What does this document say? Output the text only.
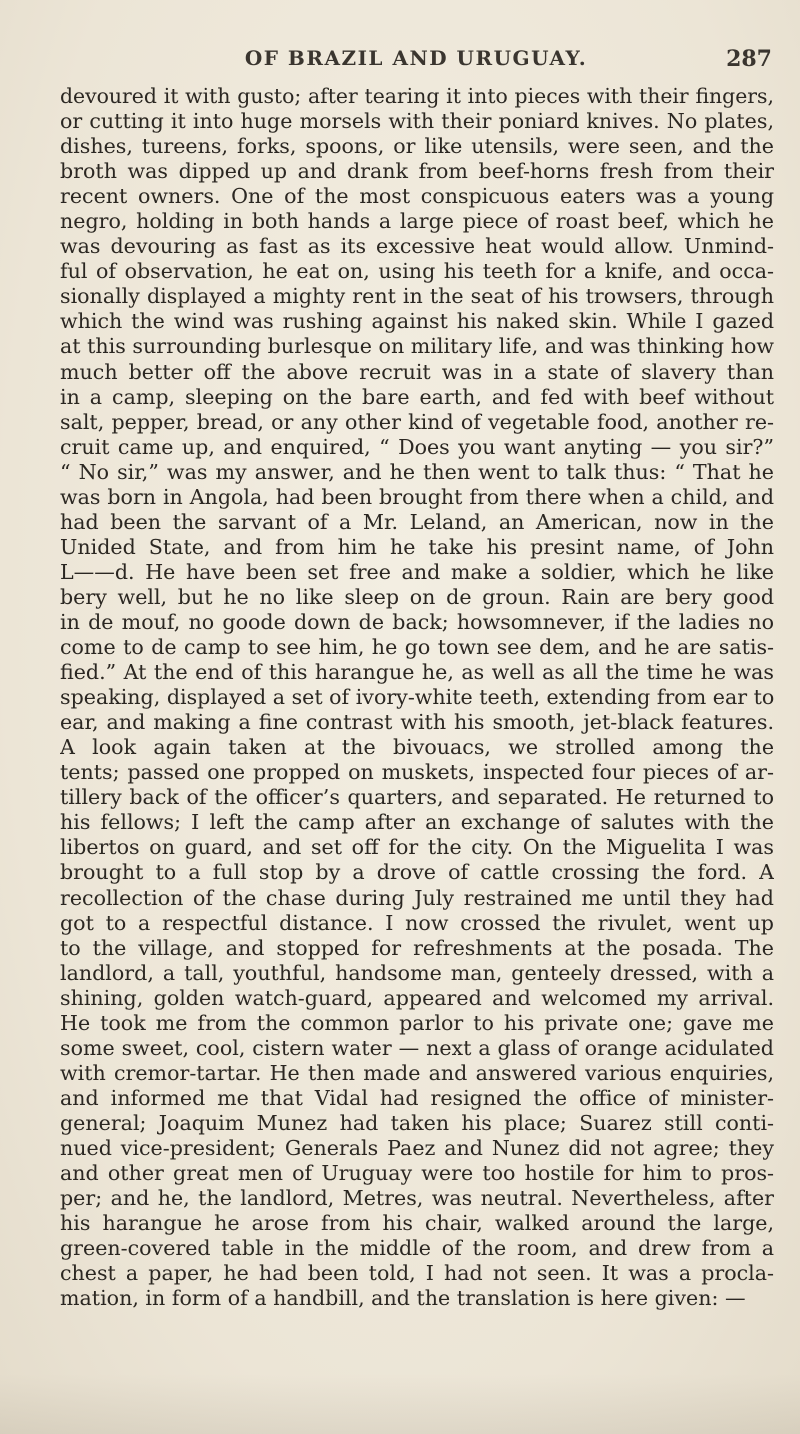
OF BRAZIL AND URUGUAY.	287
devoured it with gusto; after tearing it into pieces with their fingers,
or cutting it into huge morsels with their poniard knives. No plates,
dishes, tureens, forks, spoons, or like utensils, were seen, and the
broth was dipped up and drank from beef-horns fresh from their
recent owners. One of the most conspicuous eaters was a young
negro, holding in both hands a large piece of roast beef, which he
was devouring as fast as its excessive heat would allow. Unmind-
ful of observation, he eat on, using his teeth for a knife, and occa-
sionally displayed a mighty rent in the seat of his trowsers, through
which the wind was rushing against his naked skin. While I gazed
at this surrounding burlesque on military life, and was thinking how
much better off the above recruit was in a state of slavery than
in a camp, sleeping on the bare earth, and fed with beef without
salt, pepper, bread, or any other kind of vegetable food, another re-
cruit came up, and enquired, “ Does you want anyting — you sir?”
“ No sir,” was my answer, and he then went to talk thus: “ That he
was born in Angola, had been brought from there when a child, and
had been the sarvant of a Mr. Leland, an American, now in the
Unided State, and from him he take his presint name, of John
L——d. He have been set free and make a soldier, which he like
bery well, but he no like sleep on de groun. Rain are bery good
in de mouf, no goode down de back; howsomnever, if the ladies no
come to de camp to see him, he go town see dem, and he are satis-
fied.” At the end of this harangue he, as well as all the time he was
speaking, displayed a set of ivory-white teeth, extending from ear to
ear, and making a fine contrast with his smooth, jet-black features.
A look again taken at the bivouacs, we strolled among the
tents; passed one propped on muskets, inspected four pieces of ar-
tillery back of the officer’s quarters, and separated. He returned to
his fellows; I left the camp after an exchange of salutes with the
libertos on guard, and set off for the city. On the Miguelita I was
brought to a full stop by a drove of cattle crossing the ford. A
recollection of the chase during July restrained me until they had
got to a respectful distance. I now crossed the rivulet, went up
to the village, and stopped for refreshments at the posada. The
landlord, a tall, youthful, handsome man, genteely dressed, with a
shining, golden watch-guard, appeared and welcomed my arrival.
He took me from the common parlor to his private one; gave me
some sweet, cool, cistern water — next a glass of orange acidulated
with cremor-tartar. He then made and answered various enquiries,
and informed me that Vidal had resigned the office of minister-
general; Joaquim Munez had taken his place; Suarez still conti-
nued vice-president; Generals Paez and Nunez did not agree; they
and other great men of Uruguay were too hostile for him to pros-
per; and he, the landlord, Metres, was neutral. Nevertheless, after
his harangue he arose from his chair, walked around the large,
green-covered table in the middle of the room, and drew from a
chest a paper, he had been told, I had not seen. It was a procla-
mation, in form of a handbill, and the translation is here given: —
